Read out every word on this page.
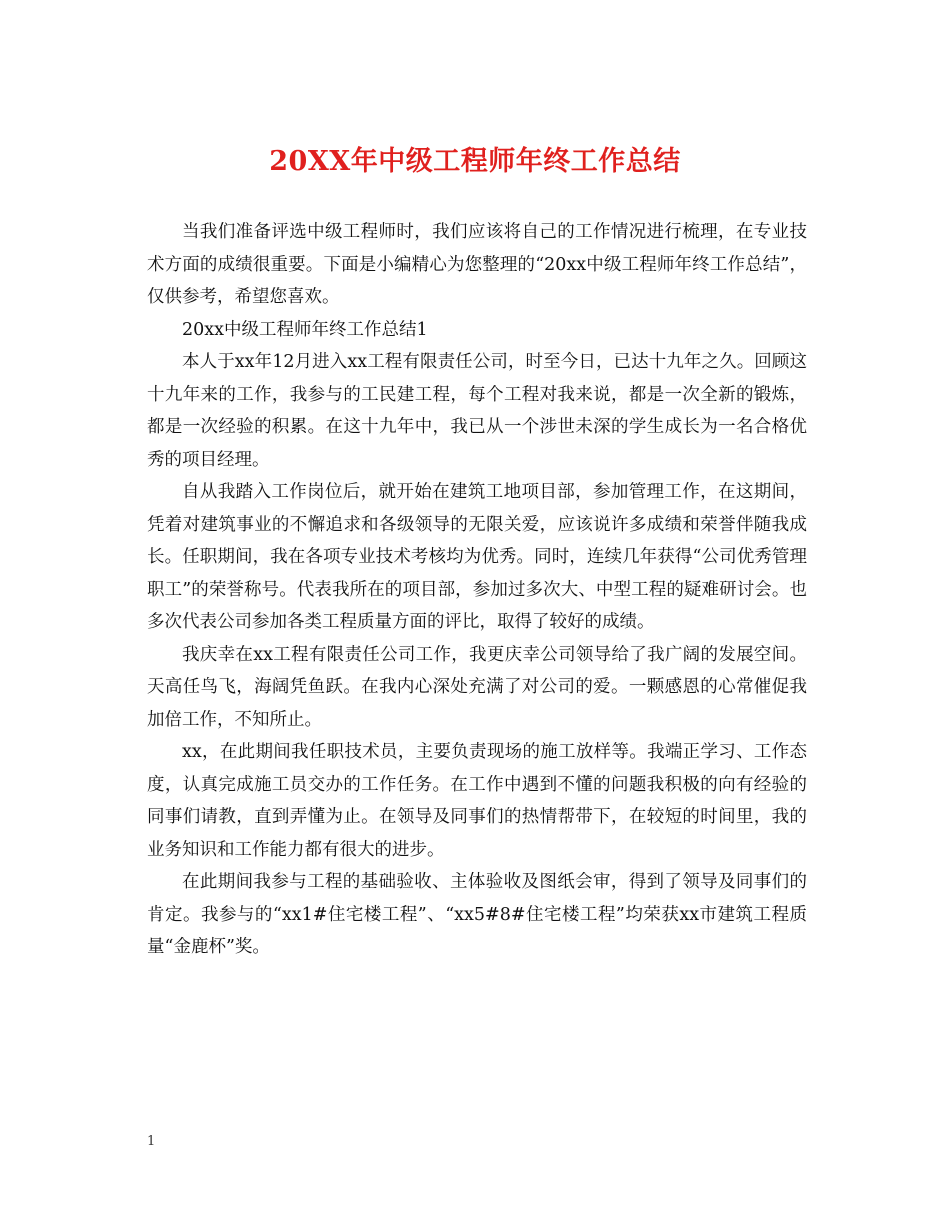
20XX年中级工程师年终工作总结

当我们准备评选中级工程师时，我们应该将自己的工作情况进行梳理，在专业技术方面的成绩很重要。下面是小编精心为您整理的“20xx中级工程师年终工作总结”，仅供参考，希望您喜欢。

20xx中级工程师年终工作总结1

本人于xx年12月进入xx工程有限责任公司，时至今日，已达十九年之久。回顾这十九年来的工作，我参与的工民建工程，每个工程对我来说，都是一次全新的锻炼，都是一次经验的积累。在这十九年中，我已从一个涉世未深的学生成长为一名合格优秀的项目经理。

自从我踏入工作岗位后，就开始在建筑工地项目部，参加管理工作，在这期间，凭着对建筑事业的不懈追求和各级领导的无限关爱，应该说许多成绩和荣誉伴随我成长。任职期间，我在各项专业技术考核均为优秀。同时，连续几年获得“公司优秀管理职工”的荣誉称号。代表我所在的项目部，参加过多次大、中型工程的疑难研讨会。也多次代表公司参加各类工程质量方面的评比，取得了较好的成绩。

我庆幸在xx工程有限责任公司工作，我更庆幸公司领导给了我广阔的发展空间。天高任鸟飞，海阔凭鱼跃。在我内心深处充满了对公司的爱。一颗感恩的心常催促我加倍工作，不知所止。

xx，在此期间我任职技术员，主要负责现场的施工放样等。我端正学习、工作态度，认真完成施工员交办的工作任务。在工作中遇到不懂的问题我积极的向有经验的同事们请教，直到弄懂为止。在领导及同事们的热情帮带下，在较短的时间里，我的业务知识和工作能力都有很大的进步。

在此期间我参与工程的基础验收、主体验收及图纸会审，得到了领导及同事们的肯定。我参与的“xx1#住宅楼工程”、“xx5#8#住宅楼工程”均荣获xx市建筑工程质量“金鹿杯”奖。

1
